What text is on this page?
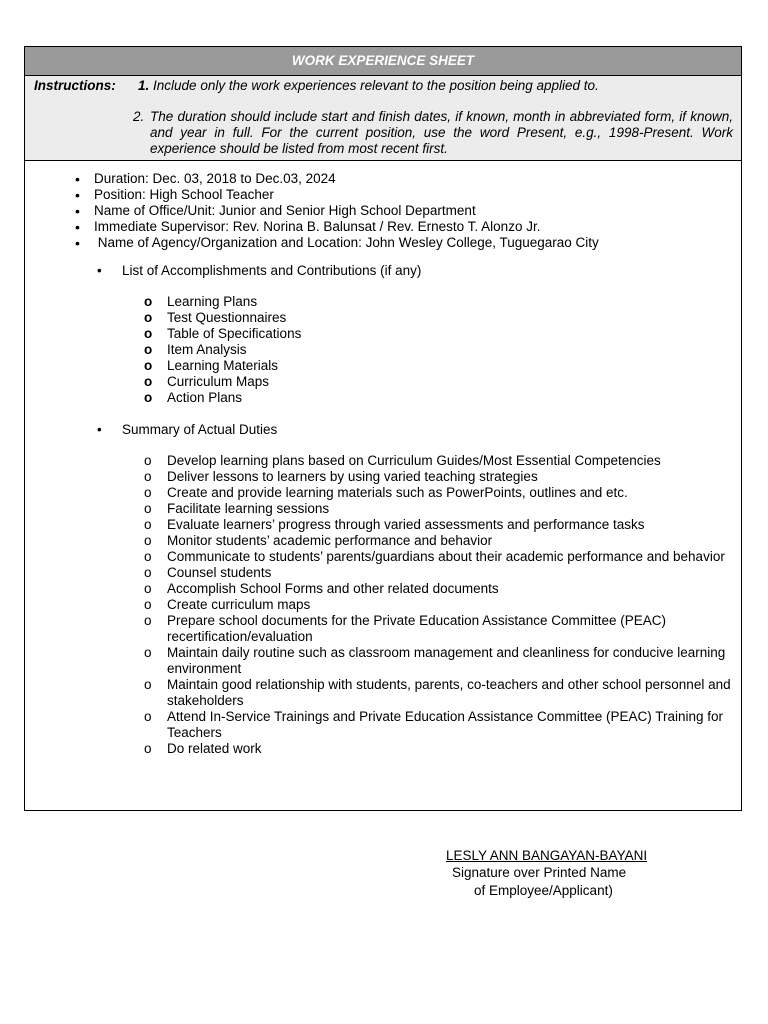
WORK EXPERIENCE SHEET
Instructions: 1. Include only the work experiences relevant to the position being applied to.
2. The duration should include start and finish dates, if known, month in abbreviated form, if known, and year in full. For the current position, use the word Present, e.g., 1998-Present. Work experience should be listed from most recent first.
• Duration: Dec. 03, 2018 to Dec.03, 2024
• Position: High School Teacher
• Name of Office/Unit: Junior and Senior High School Department
• Immediate Supervisor: Rev. Norina B. Balunsat / Rev. Ernesto T. Alonzo Jr.
•  Name of Agency/Organization and Location: John Wesley College, Tuguegarao City
• List of Accomplishments and Contributions (if any)
o Learning Plans
o Test Questionnaires
o Table of Specifications
o Item Analysis
o Learning Materials
o Curriculum Maps
o Action Plans
• Summary of Actual Duties
o Develop learning plans based on Curriculum Guides/Most Essential Competencies
o Deliver lessons to learners by using varied teaching strategies
o Create and provide learning materials such as PowerPoints, outlines and etc.
o Facilitate learning sessions
o Evaluate learners’ progress through varied assessments and performance tasks
o Monitor students’ academic performance and behavior
o Communicate to students’ parents/guardians about their academic performance and behavior
o Counsel students
o Accomplish School Forms and other related documents
o Create curriculum maps
o Prepare school documents for the Private Education Assistance Committee (PEAC) recertification/evaluation
o Maintain daily routine such as classroom management and cleanliness for conducive learning environment
o Maintain good relationship with students, parents, co-teachers and other school personnel and stakeholders
o Attend In-Service Trainings and Private Education Assistance Committee (PEAC) Training for Teachers
o Do related work
LESLY ANN BANGAYAN-BAYANI
Signature over Printed Name
of Employee/Applicant)
